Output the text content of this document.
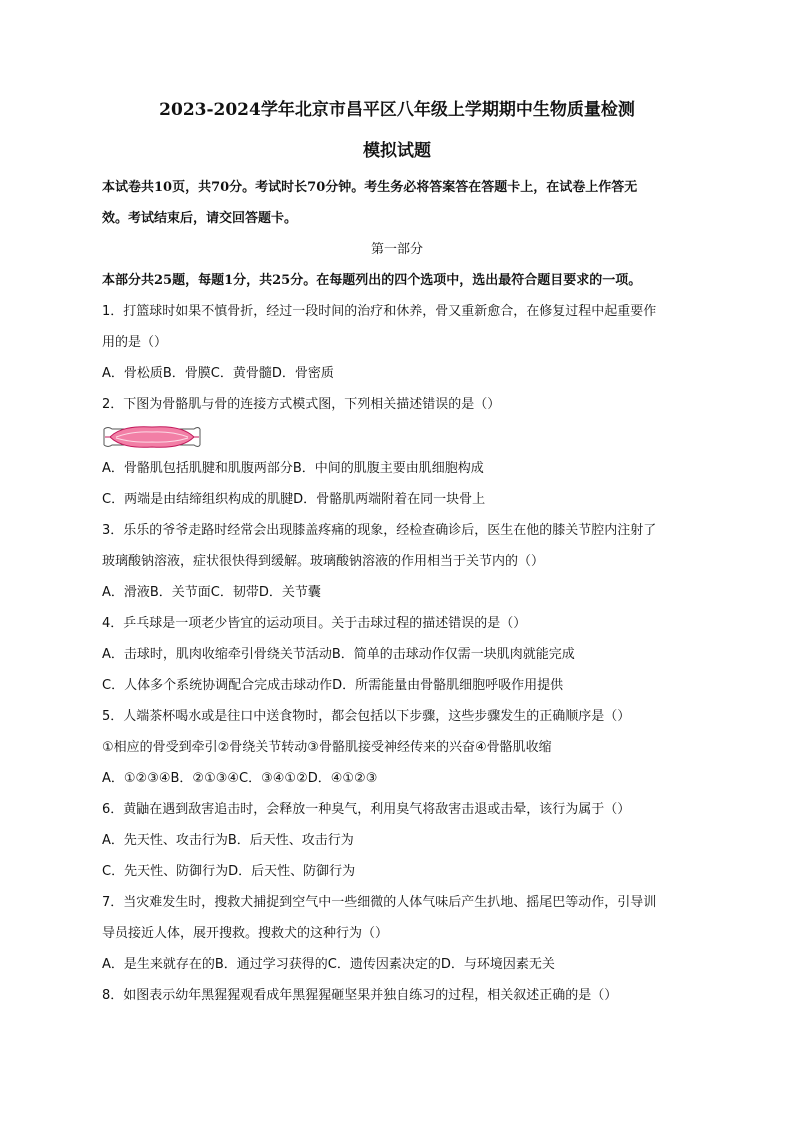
2023-2024学年北京市昌平区八年级上学期期中生物质量检测

模拟试题

本试卷共10页，共70分。考试时长70分钟。考生务必将答案答在答题卡上，在试卷上作答无

效。考试结束后，请交回答题卡。

第一部分

本部分共25题，每题1分，共25分。在每题列出的四个选项中，选出最符合题目要求的一项。

1．打篮球时如果不慎骨折，经过一段时间的治疗和休养，骨又重新愈合，在修复过程中起重要作

用的是（）

A．骨松质B．骨膜C．黄骨髓D．骨密质

2．下图为骨骼肌与骨的连接方式模式图，下列相关描述错误的是（）

A．骨骼肌包括肌腱和肌腹两部分B．中间的肌腹主要由肌细胞构成

C．两端是由结缔组织构成的肌腱D．骨骼肌两端附着在同一块骨上

3．乐乐的爷爷走路时经常会出现膝盖疼痛的现象，经检查确诊后，医生在他的膝关节腔内注射了

玻璃酸钠溶液，症状很快得到缓解。玻璃酸钠溶液的作用相当于关节内的（）

A．滑液B．关节面C．韧带D．关节囊

4．乒乓球是一项老少皆宜的运动项目。关于击球过程的描述错误的是（）

A．击球时，肌肉收缩牵引骨绕关节活动B．简单的击球动作仅需一块肌肉就能完成

C．人体多个系统协调配合完成击球动作D．所需能量由骨骼肌细胞呼吸作用提供

5．人端茶杯喝水或是往口中送食物时，都会包括以下步骤，这些步骤发生的正确顺序是（）

①相应的骨受到牵引②骨绕关节转动③骨骼肌接受神经传来的兴奋④骨骼肌收缩

A．①②③④B．②①③④C．③④①②D．④①②③

6．黄鼬在遇到敌害追击时，会释放一种臭气，利用臭气将敌害击退或击晕，该行为属于（）

A．先天性、攻击行为B．后天性、攻击行为

C．先天性、防御行为D．后天性、防御行为

7．当灾难发生时，搜救犬捕捉到空气中一些细微的人体气味后产生扒地、摇尾巴等动作，引导训

导员接近人体，展开搜救。搜救犬的这种行为（）

A．是生来就存在的B．通过学习获得的C．遗传因素决定的D．与环境因素无关

8．如图表示幼年黑猩猩观看成年黑猩猩砸坚果并独自练习的过程，相关叙述正确的是（）
